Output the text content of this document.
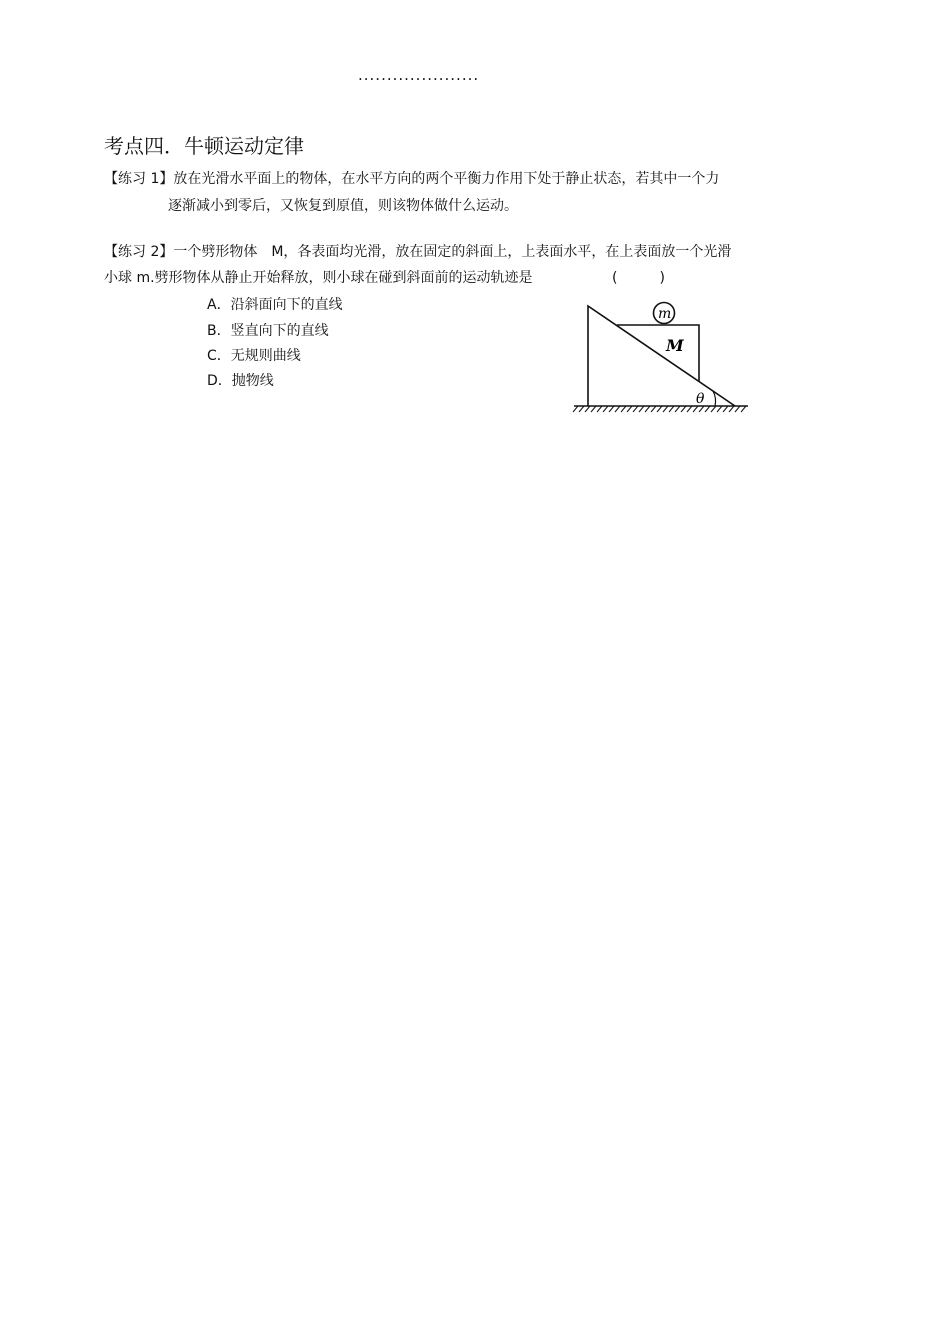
.....................
考点四．牛顿运动定律
【练习 1】放在光滑水平面上的物体，在水平方向的两个平衡力作用下处于静止状态，若其中一个力
逐渐减小到零后，又恢复到原值，则该物体做什么运动。
【练习 2】一个劈形物体　M，各表面均光滑，放在固定的斜面上，上表面水平，在上表面放一个光滑
小球 m.劈形物体从静止开始释放，则小球在碰到斜面前的运动轨迹是	(　　　)
A．沿斜面向下的直线
B．竖直向下的直线
C．无规则曲线
D．抛物线
m
M
θ
